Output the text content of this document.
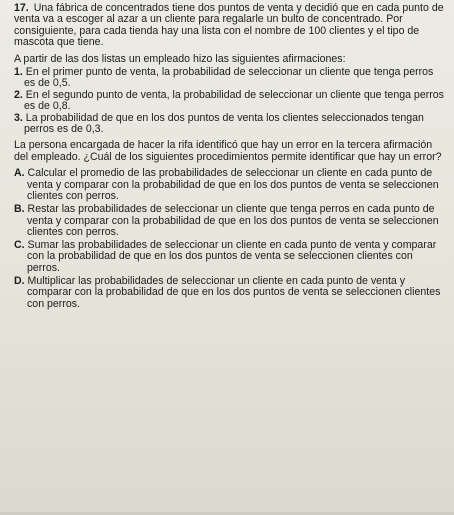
17. Una fábrica de concentrados tiene dos puntos de venta y decidió que en cada punto de venta va a escoger al azar a un cliente para regalarle un bulto de concentrado. Por consiguiente, para cada tienda hay una lista con el nombre de 100 clientes y el tipo de mascota que tiene.

A partir de las dos listas un empleado hizo las siguientes afirmaciones:

1. En el primer punto de venta, la probabilidad de seleccionar un cliente que tenga perros es de 0,5.
2. En el segundo punto de venta, la probabilidad de seleccionar un cliente que tenga perros es de 0,8.
3. La probabilidad de que en los dos puntos de venta los clientes seleccionados tengan perros es de 0,3.

La persona encargada de hacer la rifa identificó que hay un error en la tercera afirmación del empleado. ¿Cuál de los siguientes procedimientos permite identificar que hay un error?

A. Calcular el promedio de las probabilidades de seleccionar un cliente en cada punto de venta y comparar con la probabilidad de que en los dos puntos de venta se seleccionen clientes con perros.
B. Restar las probabilidades de seleccionar un cliente que tenga perros en cada punto de venta y comparar con la probabilidad de que en los dos puntos de venta se seleccionen clientes con perros.
C. Sumar las probabilidades de seleccionar un cliente en cada punto de venta y comparar con la probabilidad de que en los dos puntos de venta se seleccionen clientes con perros.
D. Multiplicar las probabilidades de seleccionar un cliente en cada punto de venta y comparar con la probabilidad de que en los dos puntos de venta se seleccionen clientes con perros.
